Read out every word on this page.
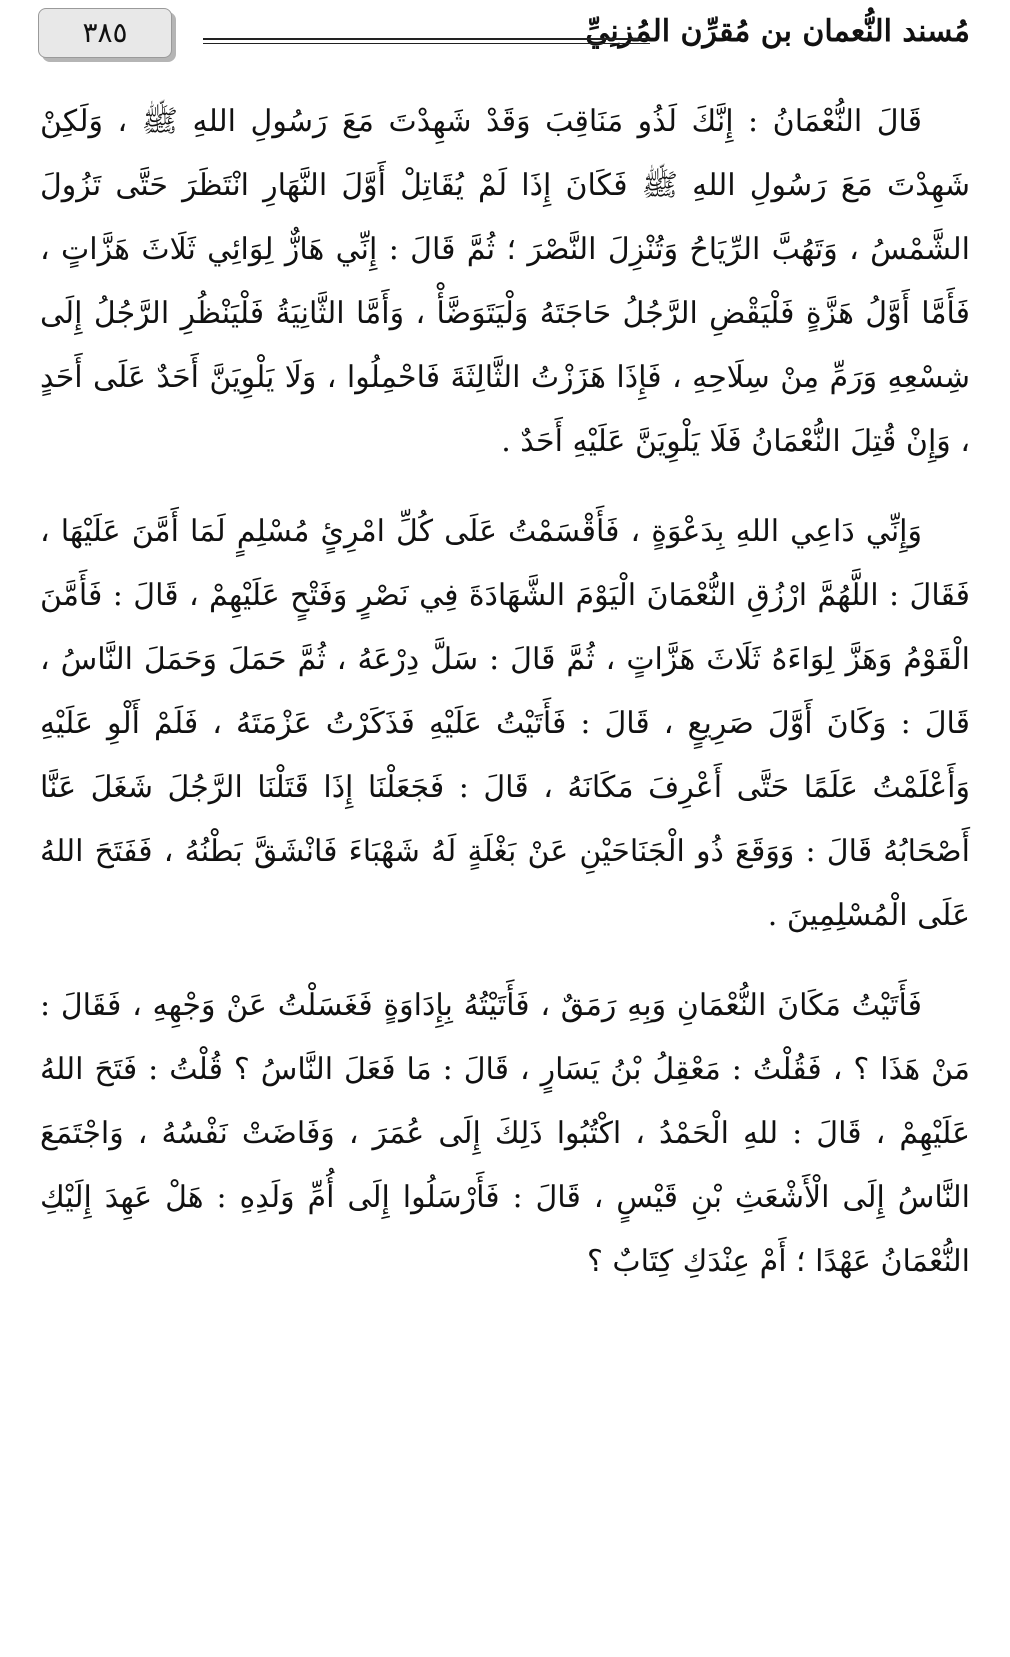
مُسند النُّعمان بن مُقرِّن المُزنِيِّ
٣٨٥

قَالَ النُّعْمَانُ : إِنَّكَ لَذُو مَنَاقِبَ وَقَدْ شَهِدْتَ مَعَ رَسُولِ اللهِ ﷺ ، وَلَكِنْ شَهِدْتَ مَعَ رَسُولِ اللهِ ﷺ فَكَانَ إِذَا لَمْ يُقَاتِلْ أَوَّلَ النَّهَارِ انْتَظَرَ حَتَّى تَزُولَ الشَّمْسُ ، وَتَهُبَّ الرِّيَاحُ وَتُنْزِلَ النَّصْرَ ؛ ثُمَّ قَالَ : إِنِّي هَازٌّ لِوَائِي ثَلَاثَ هَزَّاتٍ ، فَأَمَّا أَوَّلُ هَزَّةٍ فَلْيَقْضِ الرَّجُلُ حَاجَتَهُ وَلْيَتَوَضَّأْ ، وَأَمَّا الثَّانِيَةُ فَلْيَنْظُرِ الرَّجُلُ إِلَى شِسْعِهِ وَرَمِّ مِنْ سِلَاحِهِ ، فَإِذَا هَزَزْتُ الثَّالِثَةَ فَاحْمِلُوا ، وَلَا يَلْوِيَنَّ أَحَدٌ عَلَى أَحَدٍ ، وَإِنْ قُتِلَ النُّعْمَانُ فَلَا يَلْوِيَنَّ عَلَيْهِ أَحَدٌ .

وَإِنِّي دَاعِي اللهِ بِدَعْوَةٍ ، فَأَقْسَمْتُ عَلَى كُلِّ امْرِئٍ مُسْلِمٍ لَمَا أَمَّنَ عَلَيْهَا ، فَقَالَ : اللَّهُمَّ ارْزُقِ النُّعْمَانَ الْيَوْمَ الشَّهَادَةَ فِي نَصْرٍ وَفَتْحٍ عَلَيْهِمْ ، قَالَ : فَأَمَّنَ الْقَوْمُ وَهَزَّ لِوَاءَهُ ثَلَاثَ هَزَّاتٍ ، ثُمَّ قَالَ : سَلَّ دِرْعَهُ ، ثُمَّ حَمَلَ وَحَمَلَ النَّاسُ ، قَالَ : وَكَانَ أَوَّلَ صَرِيعٍ ، قَالَ : فَأَتَيْتُ عَلَيْهِ فَذَكَرْتُ عَزْمَتَهُ ، فَلَمْ أَلْوِ عَلَيْهِ وَأَعْلَمْتُ عَلَمًا حَتَّى أَعْرِفَ مَكَانَهُ ، قَالَ : فَجَعَلْنَا إِذَا قَتَلْنَا الرَّجُلَ شَغَلَ عَنَّا أَصْحَابُهُ قَالَ : وَوَقَعَ ذُو الْجَنَاحَيْنِ عَنْ بَغْلَةٍ لَهُ شَهْبَاءَ فَانْشَقَّ بَطْنُهُ ، فَفَتَحَ اللهُ عَلَى الْمُسْلِمِينَ .

فَأَتَيْتُ مَكَانَ النُّعْمَانِ وَبِهِ رَمَقٌ ، فَأَتَيْتُهُ بِإِدَاوَةٍ فَغَسَلْتُ عَنْ وَجْهِهِ ، فَقَالَ : مَنْ هَذَا ؟ ، فَقُلْتُ : مَعْقِلُ بْنُ يَسَارٍ ، قَالَ : مَا فَعَلَ النَّاسُ ؟ قُلْتُ : فَتَحَ اللهُ عَلَيْهِمْ ، قَالَ : للهِ الْحَمْدُ ، اكْتُبُوا ذَلِكَ إِلَى عُمَرَ ، وَفَاضَتْ نَفْسُهُ ، وَاجْتَمَعَ النَّاسُ إِلَى الْأَشْعَثِ بْنِ قَيْسٍ ، قَالَ : فَأَرْسَلُوا إِلَى أُمِّ وَلَدِهِ : هَلْ عَهِدَ إِلَيْكِ النُّعْمَانُ عَهْدًا ؛ أَمْ عِنْدَكِ كِتَابٌ ؟
